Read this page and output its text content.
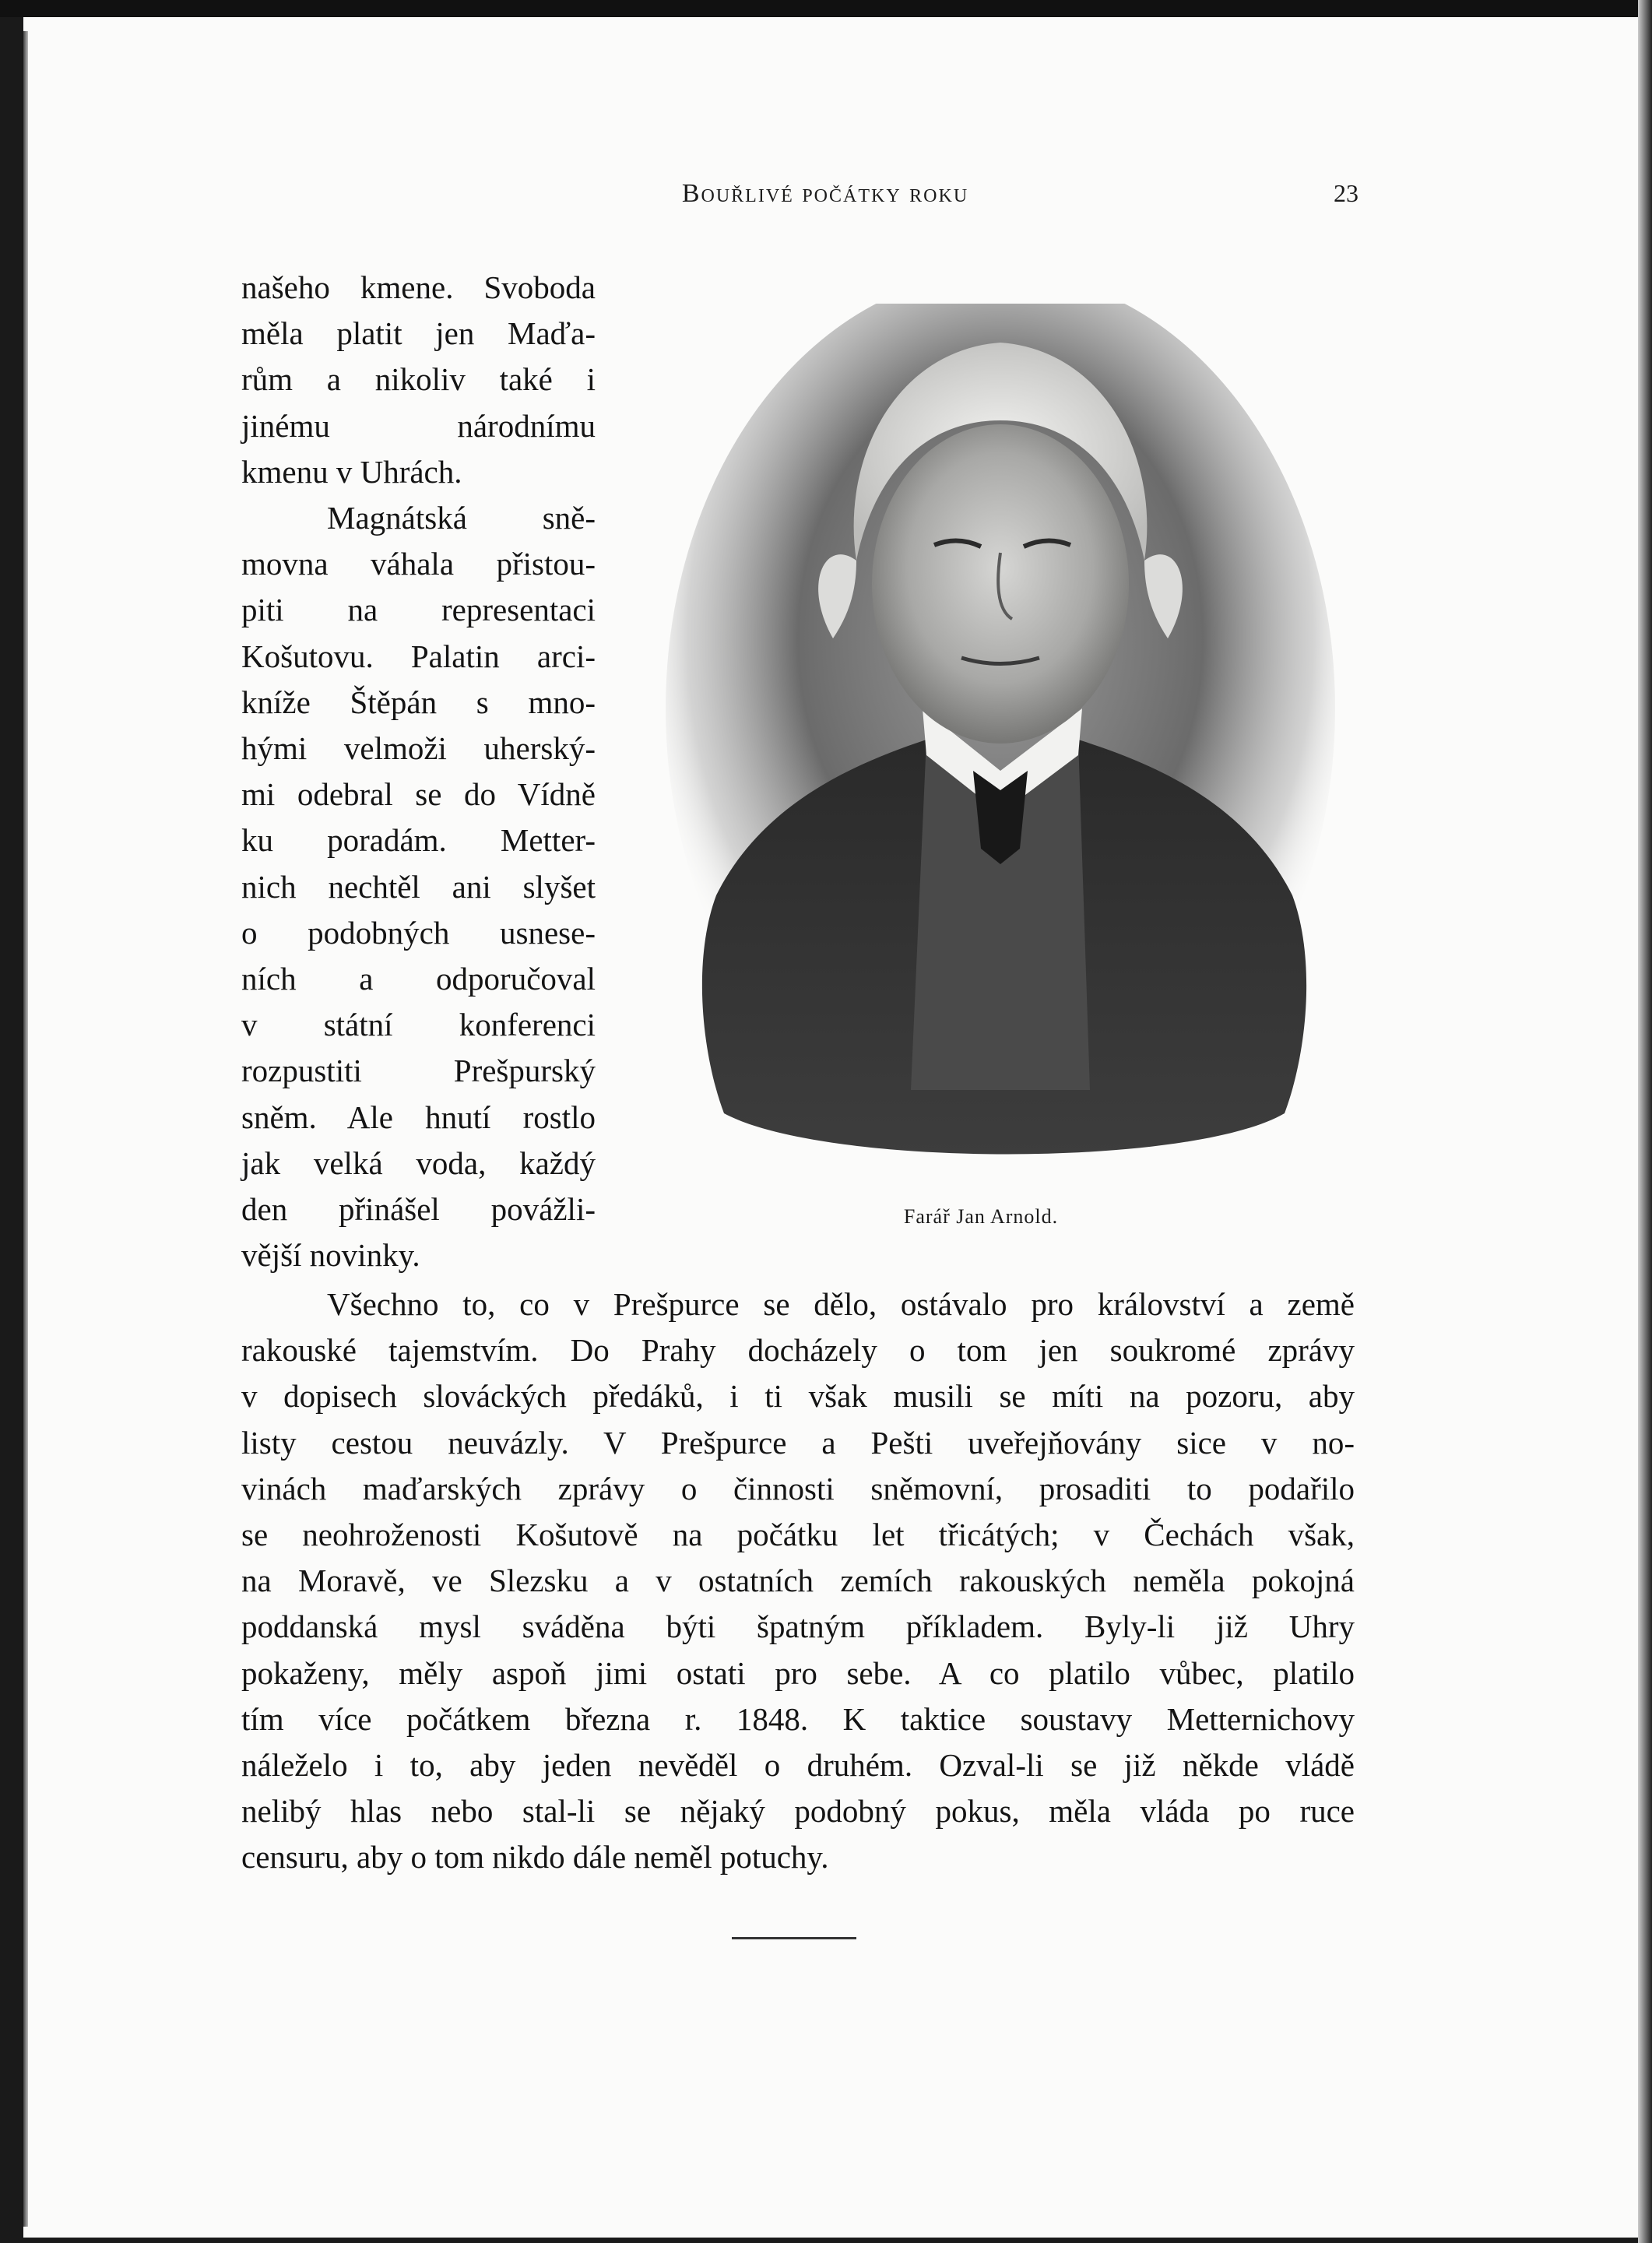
Bouřlivé počátky roku	23
našeho kmene. Svoboda
měla platit jen Maďa-
rům a nikoliv také i
jinému národnímu
kmenu v Uhrách.
Magnátská sně-
movna váhala přistou-
piti na representaci
Košutovu. Palatin arci-
kníže Štěpán s mno-
hými velmoži uherský-
mi odebral se do Vídně
ku poradám. Metter-
nich nechtěl ani slyšet
o podobných usnese-
ních a odporučoval
v státní konferenci
rozpustiti Prešpurský
sněm. Ale hnutí rostlo
jak velká voda, každý
den přinášel povážli-
vější novinky.
Farář Jan Arnold.
Všechno to, co v Prešpurce se dělo, ostávalo pro království a země
rakouské tajemstvím. Do Prahy docházely o tom jen soukromé zprávy
v dopisech slováckých předáků, i ti však musili se míti na pozoru, aby
listy cestou neuvázly. V Prešpurce a Pešti uveřejňovány sice v no-
vinách maďarských zprávy o činnosti sněmovní, prosaditi to podařilo
se neohroženosti Košutově na počátku let třicátých; v Čechách však,
na Moravě, ve Slezsku a v ostatních zemích rakouských neměla pokojná
poddanská mysl sváděna býti špatným příkladem. Byly-li již Uhry
pokaženy, měly aspoň jimi ostati pro sebe. A co platilo vůbec, platilo
tím více počátkem března r. 1848. K taktice soustavy Metternichovy
náleželo i to, aby jeden nevěděl o druhém. Ozval-li se již někde vládě
nelibý hlas nebo stal-li se nějaký podobný pokus, měla vláda po ruce
censuru, aby o tom nikdo dále neměl potuchy.
